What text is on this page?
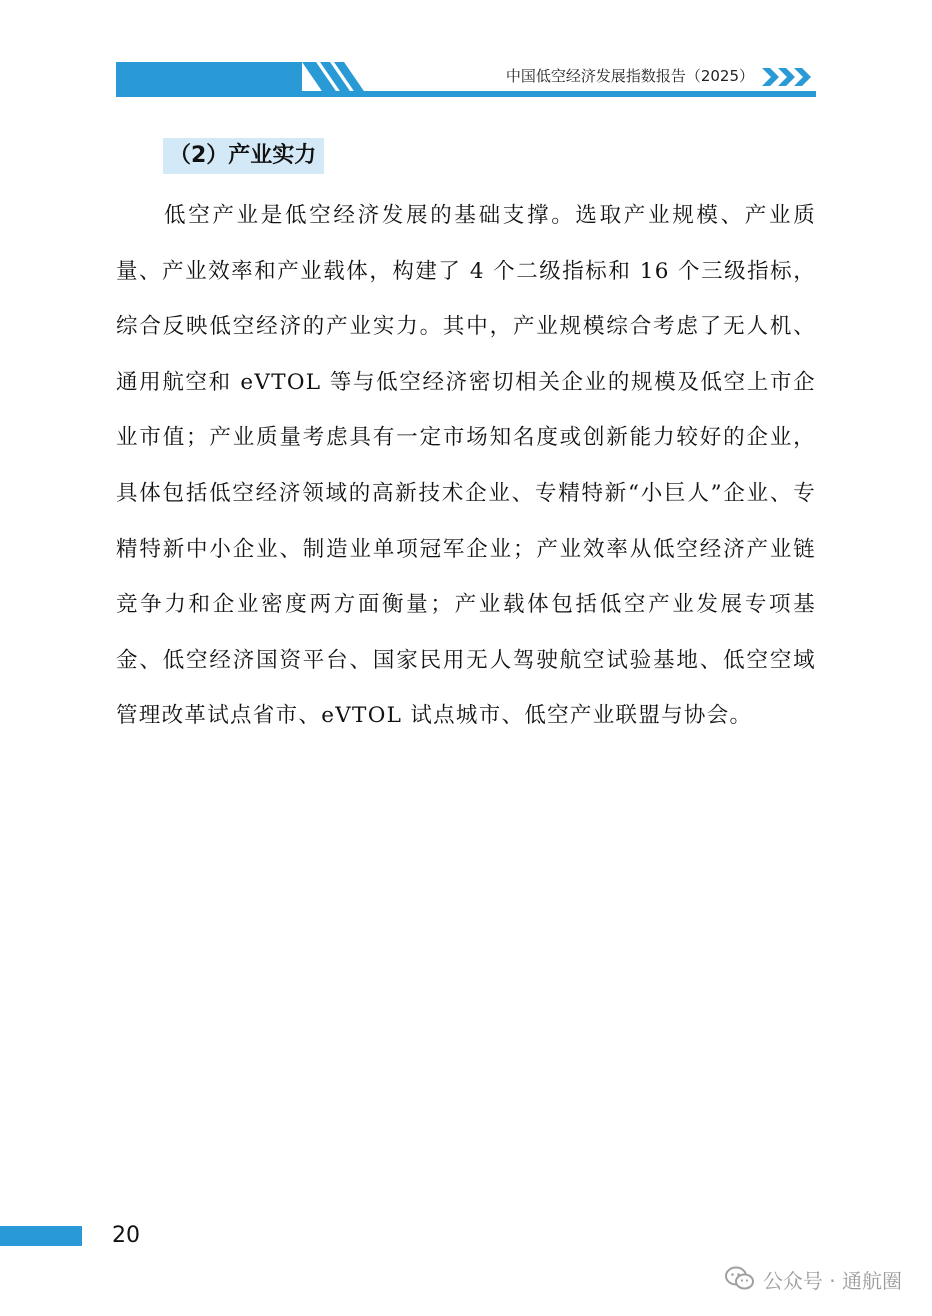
中国低空经济发展指数报告（2025）
（2）产业实力

低空产业是低空经济发展的基础支撑。选取产业规模、产业质量、产业效率和产业载体，构建了 4 个二级指标和 16 个三级指标，综合反映低空经济的产业实力。其中，产业规模综合考虑了无人机、通用航空和 eVTOL 等与低空经济密切相关企业的规模及低空上市企业市值；产业质量考虑具有一定市场知名度或创新能力较好的企业，具体包括低空经济领域的高新技术企业、专精特新“小巨人”企业、专精特新中小企业、制造业单项冠军企业；产业效率从低空经济产业链竞争力和企业密度两方面衡量；产业载体包括低空产业发展专项基金、低空经济国资平台、国家民用无人驾驶航空试验基地、低空空域管理改革试点省市、eVTOL 试点城市、低空产业联盟与协会。

20
公众号 · 通航圈
